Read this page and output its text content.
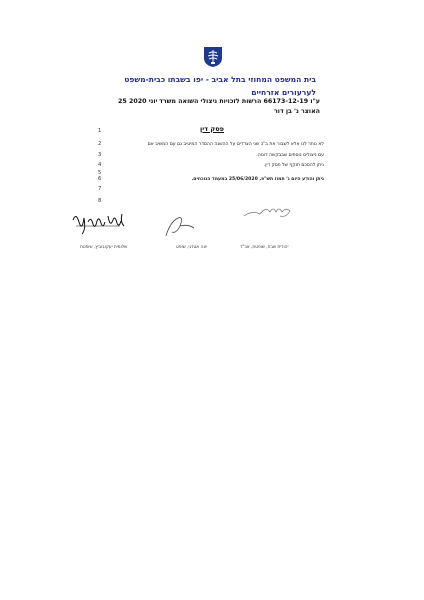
בית המשפט המחוזי בתל אביב - יפו בשבתו כבית-משפט
לערעורים אזרחיים
ע"ו 66173-12-19 הרשות לזכויות ניצולי השואה משרד
25 יוני 2020
האוצר נ' בן דור
פסק דין
1
2
3
4
5
6
7
8
לא נותר לנו אלא לשבור את ב"כ שני הצדדים על ההשגה ההסדר המיטיב גם עם המשיב אם
עם ניצולים נוספים שבבקשה דומה.
ניתן להסכם תוקף של פסק דין.
ניתן והודע היום ג' תמוז תש"פ, 25/06/2020 במעמד הנוכחים.
שלומית יעקובוביץ, שופטת	יונה אטדגי, שופט	יהודית שבח, שופטת, אב"ד
